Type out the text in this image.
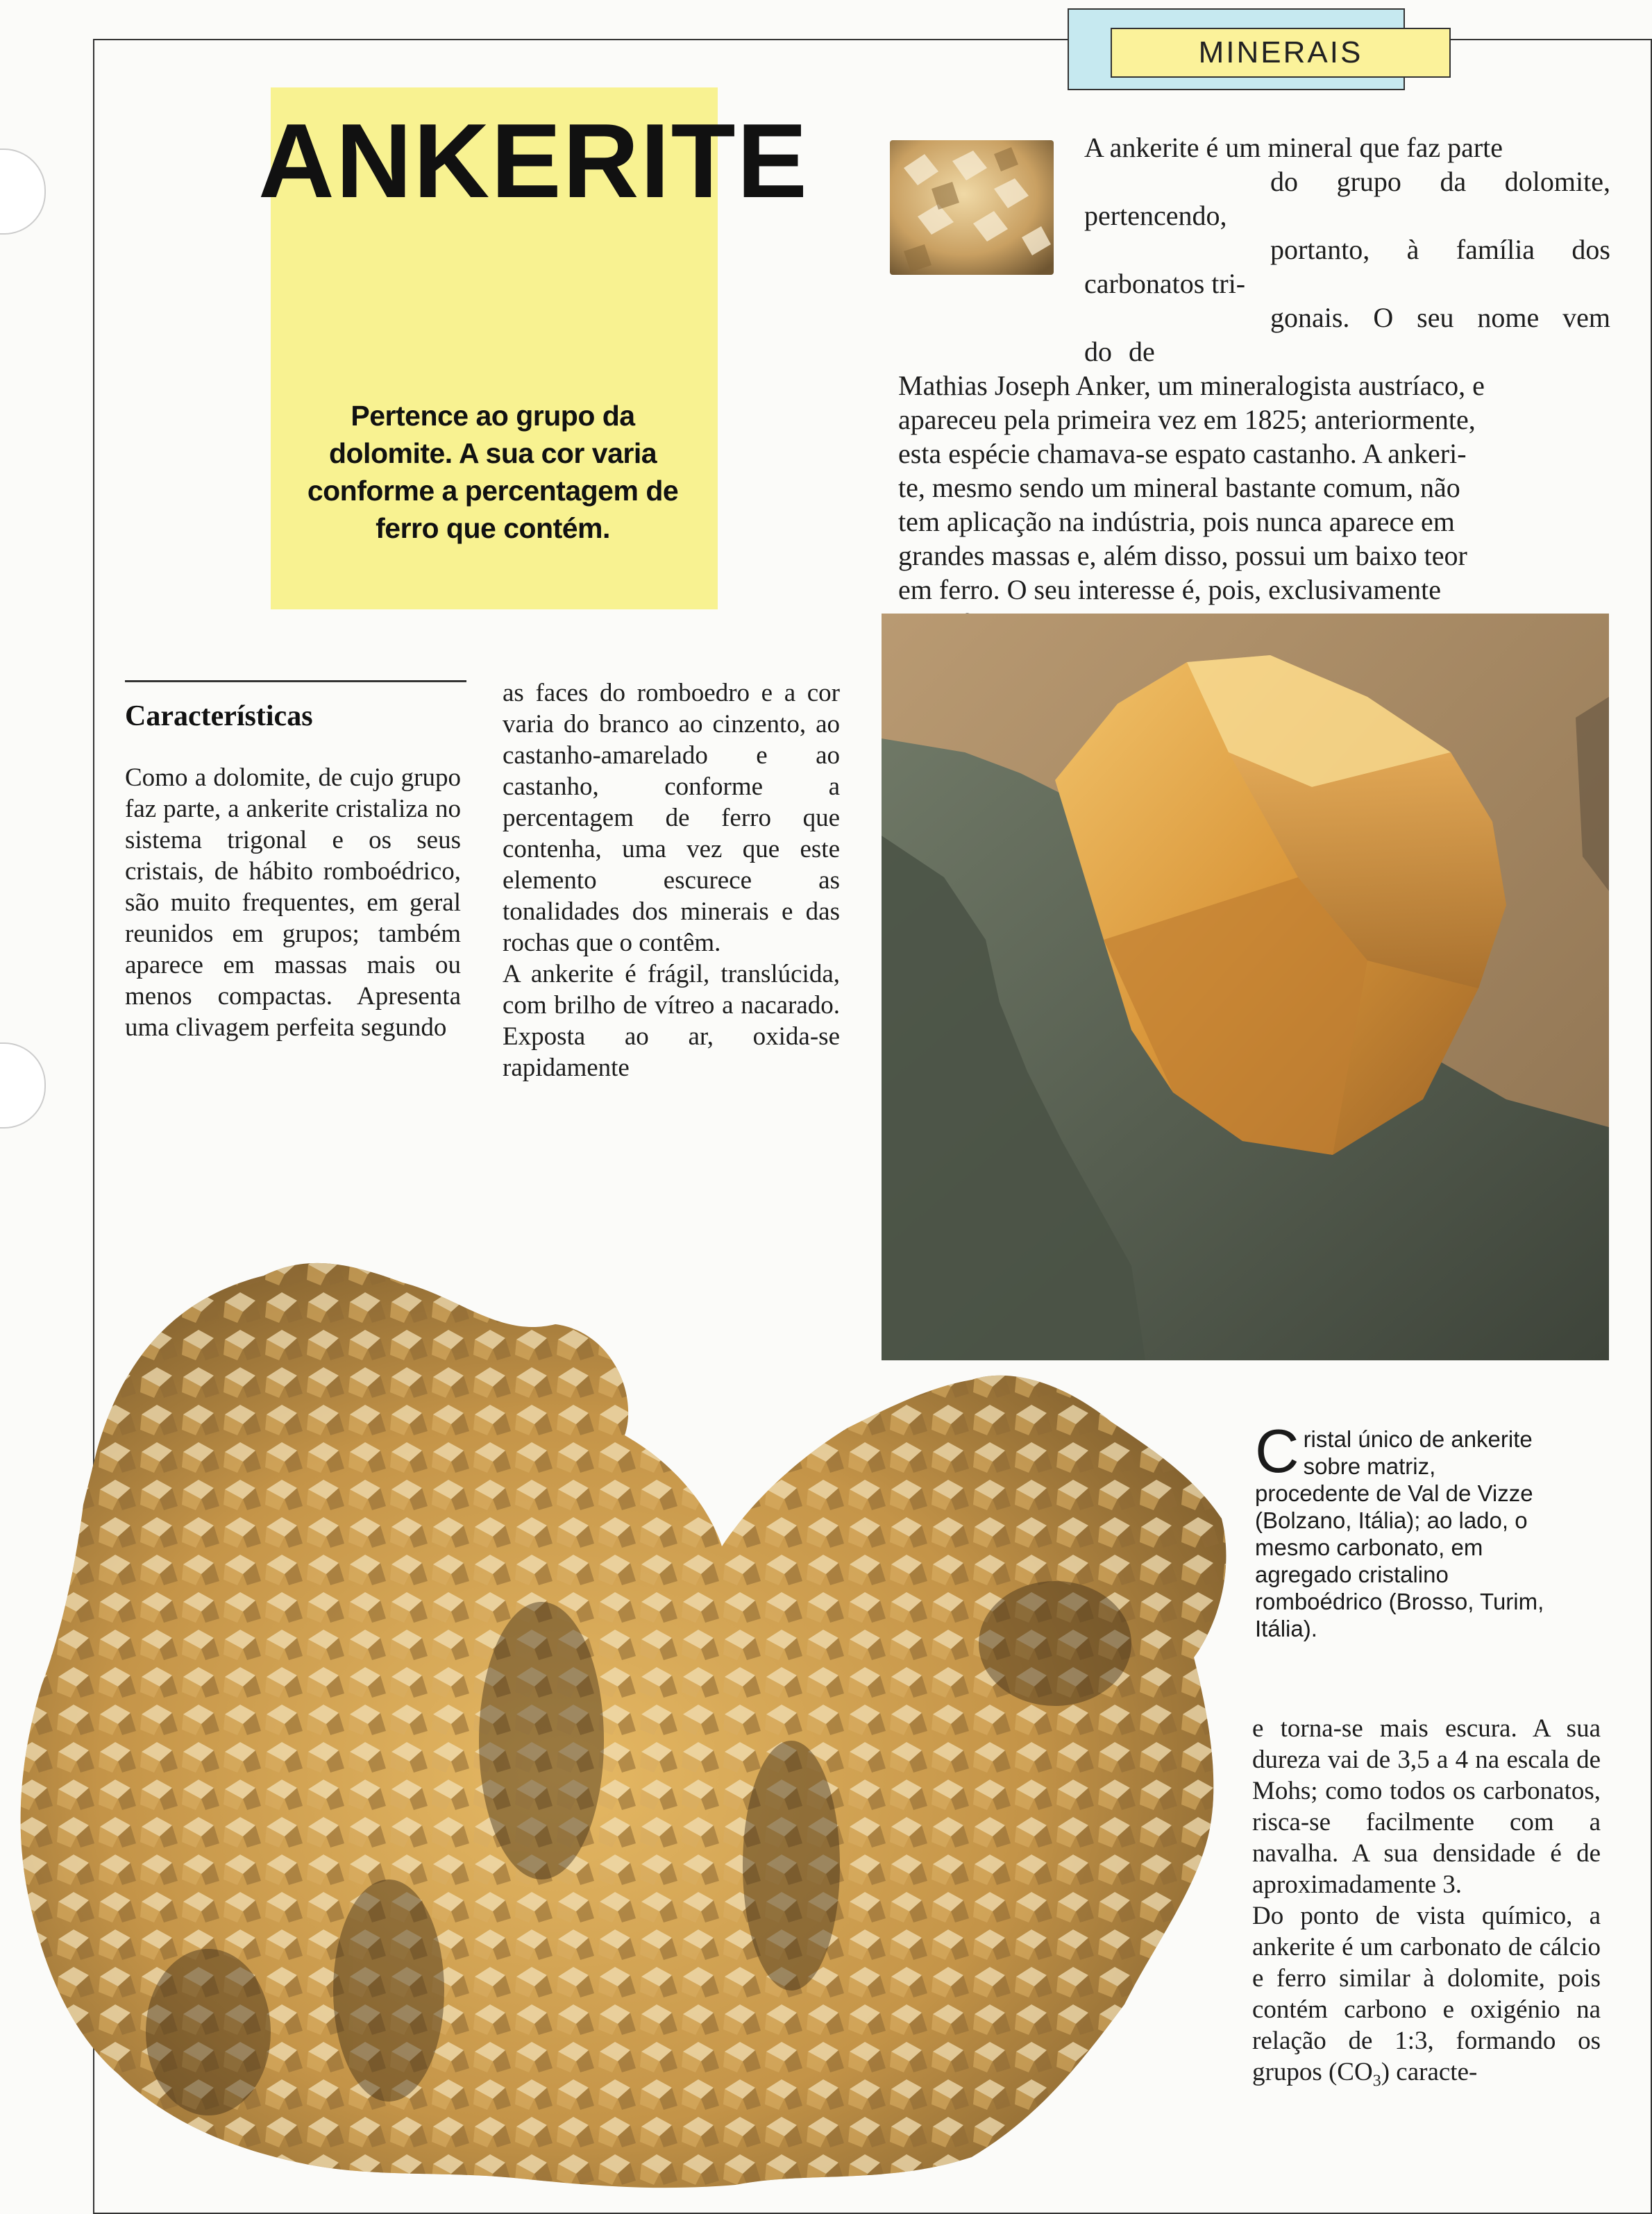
MINERAIS
ANKERITE
Pertence ao grupo da dolomite. A sua cor varia conforme a percentagem de ferro que contém.
A ankerite é um mineral que faz parte
do grupo da dolomite, pertencendo,
portanto, à família dos carbonatos tri-
gonais. O seu nome vem do de
Mathias Joseph Anker, um mineralogista austríaco, e
apareceu pela primeira vez em 1825; anteriormente,
esta espécie chamava-se espato castanho. A ankeri-
te, mesmo sendo um mineral bastante comum, não
tem aplicação na indústria, pois nunca aparece em
grandes massas e, além disso, possui um baixo teor
em ferro. O seu interesse é, pois, exclusivamente
Características
Como a dolomite, de cujo grupo faz parte, a ankerite cristaliza no sistema trigonal e os seus cristais, de hábito romboédrico, são muito frequentes, em geral reunidos em grupos; também aparece em massas mais ou menos compactas. Apresenta uma clivagem perfeita segundo
as faces do romboedro e a cor varia do branco ao cinzento, ao castanho-amarelado e ao castanho, conforme a percentagem de ferro que contenha, uma vez que este elemento escurece as tonalidades dos minerais e das rochas que o contêm.
A ankerite é frágil, translúcida, com brilho de vítreo a nacarado. Exposta ao ar, oxida-se rapidamente
C ristal único de ankerite sobre matriz, procedente de Val de Vizze (Bolzano, Itália); ao lado, o mesmo carbonato, em agregado cristalino romboédrico (Brosso, Turim, Itália).
e torna-se mais escura. A sua dureza vai de 3,5 a 4 na escala de Mohs; como todos os carbonatos, risca-se facilmente com a navalha. A sua densidade é de aproximadamente 3.
Do ponto de vista químico, a ankerite é um carbonato de cálcio e ferro similar à dolomite, pois contém carbono e oxigénio na relação de 1:3, formando os grupos $(CO_3)$ caracte-
